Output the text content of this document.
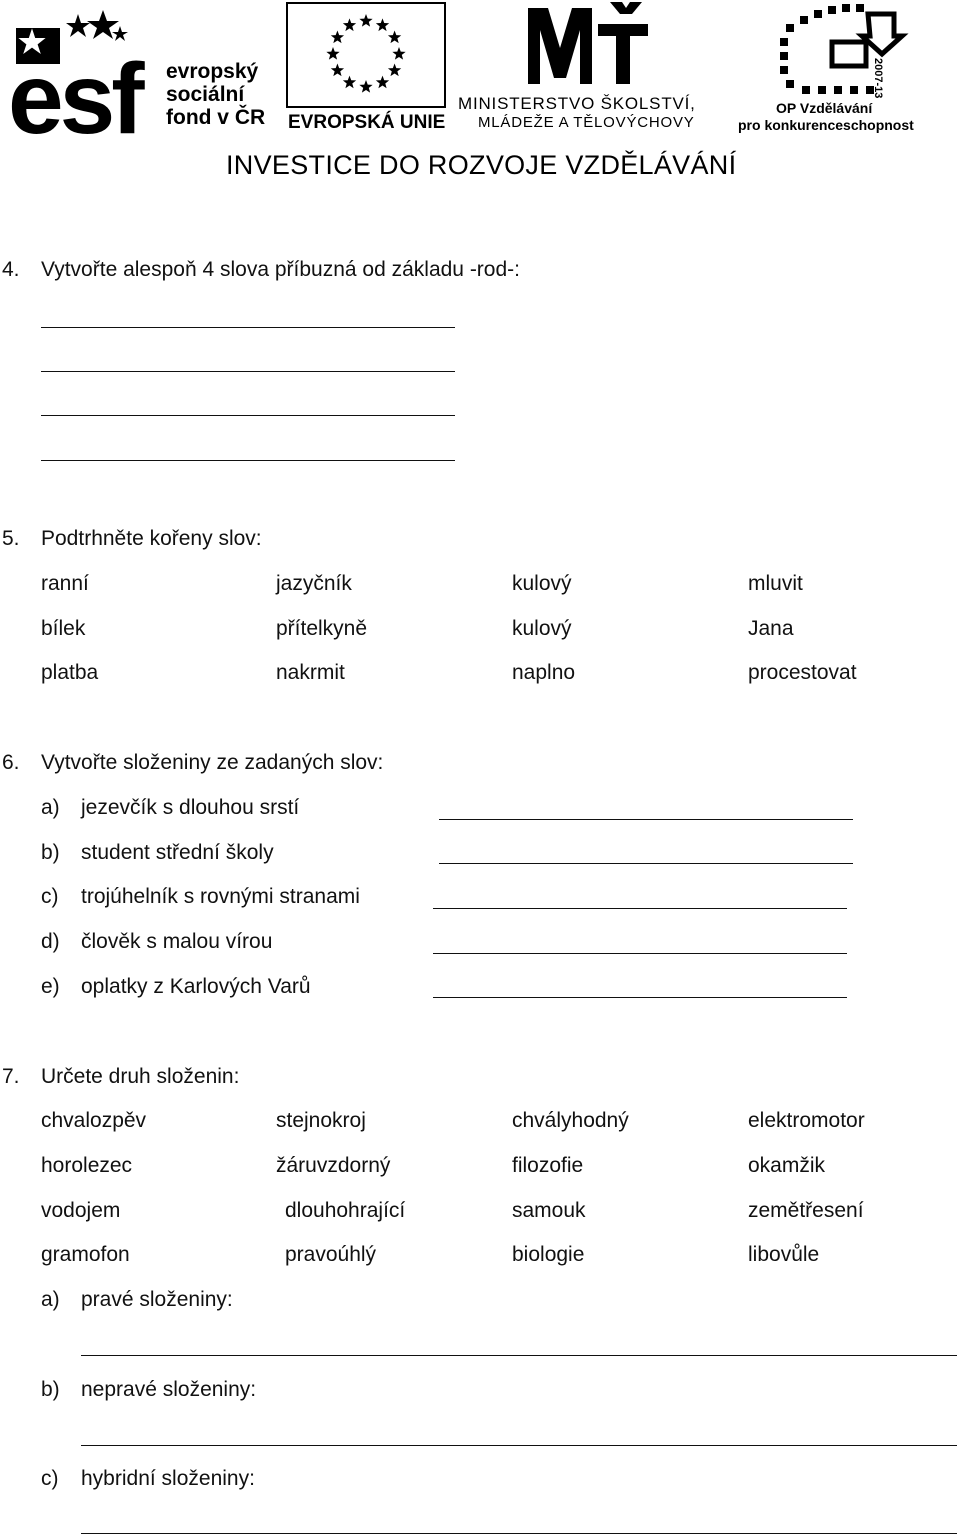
esf evropský
sociální
fond v ČR EVROPSKÁ UNIE
MINISTERSTVO ŠKOLSTVÍ,
MLÁDEŽE A TĚLOVÝCHOVY
2007-13
OP Vzdělávání
pro konkurenceschopnost
INVESTICE DO ROZVOJE VZDĚLÁVÁNÍ
4. Vytvořte alespoň 4 slova příbuzná od základu -rod-:
5. Podtrhněte kořeny slov:
ranní	jazyčník	kulový	mluvit
bílek	přítelkyně	kulový	Jana
platba	nakrmit	naplno	procestovat
6. Vytvořte složeniny ze zadaných slov:
a) jezevčík s dlouhou srstí
b) student střední školy
c) trojúhelník s rovnými stranami
d) člověk s malou vírou
e) oplatky z Karlových Varů
7. Určete druh složenin:
chvalozpěv	stejnokroj	chvályhodný	elektromotor
horolezec	žáruvzdorný	filozofie	okamžik
vodojem	dlouhohrající	samouk	zemětřesení
gramofon	pravoúhlý	biologie	libovůle
a) pravé složeniny:
b) nepravé složeniny:
c) hybridní složeniny:
